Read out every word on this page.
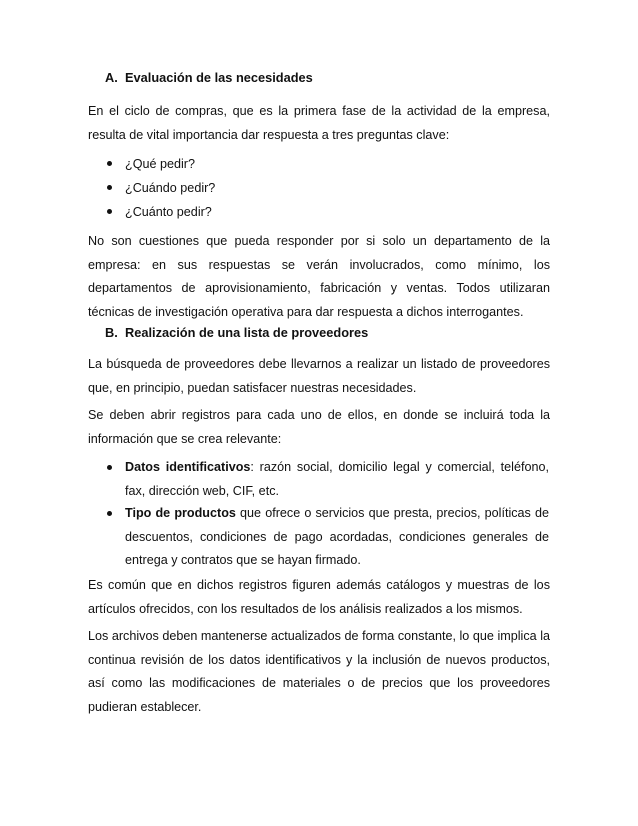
A. Evaluación de las necesidades

En el ciclo de compras, que es la primera fase de la actividad de la empresa, resulta de vital importancia dar respuesta a tres preguntas clave:

¿Qué pedir?
¿Cuándo pedir?
¿Cuánto pedir?

No son cuestiones que pueda responder por si solo un departamento de la empresa: en sus respuestas se verán involucrados, como mínimo, los departamentos de aprovisionamiento, fabricación y ventas. Todos utilizaran técnicas de investigación operativa para dar respuesta a dichos interrogantes.

B. Realización de una lista de proveedores

La búsqueda de proveedores debe llevarnos a realizar un listado de proveedores que, en principio, puedan satisfacer nuestras necesidades.

Se deben abrir registros para cada uno de ellos, en donde se incluirá toda la información que se crea relevante:

Datos identificativos: razón social, domicilio legal y comercial, teléfono, fax, dirección web, CIF, etc.
Tipo de productos que ofrece o servicios que presta, precios, políticas de descuentos, condiciones de pago acordadas, condiciones generales de entrega y contratos que se hayan firmado.

Es común que en dichos registros figuren además catálogos y muestras de los artículos ofrecidos, con los resultados de los análisis realizados a los mismos.

Los archivos deben mantenerse actualizados de forma constante, lo que implica la continua revisión de los datos identificativos y la inclusión de nuevos productos, así como las modificaciones de materiales o de precios que los proveedores pudieran establecer.
